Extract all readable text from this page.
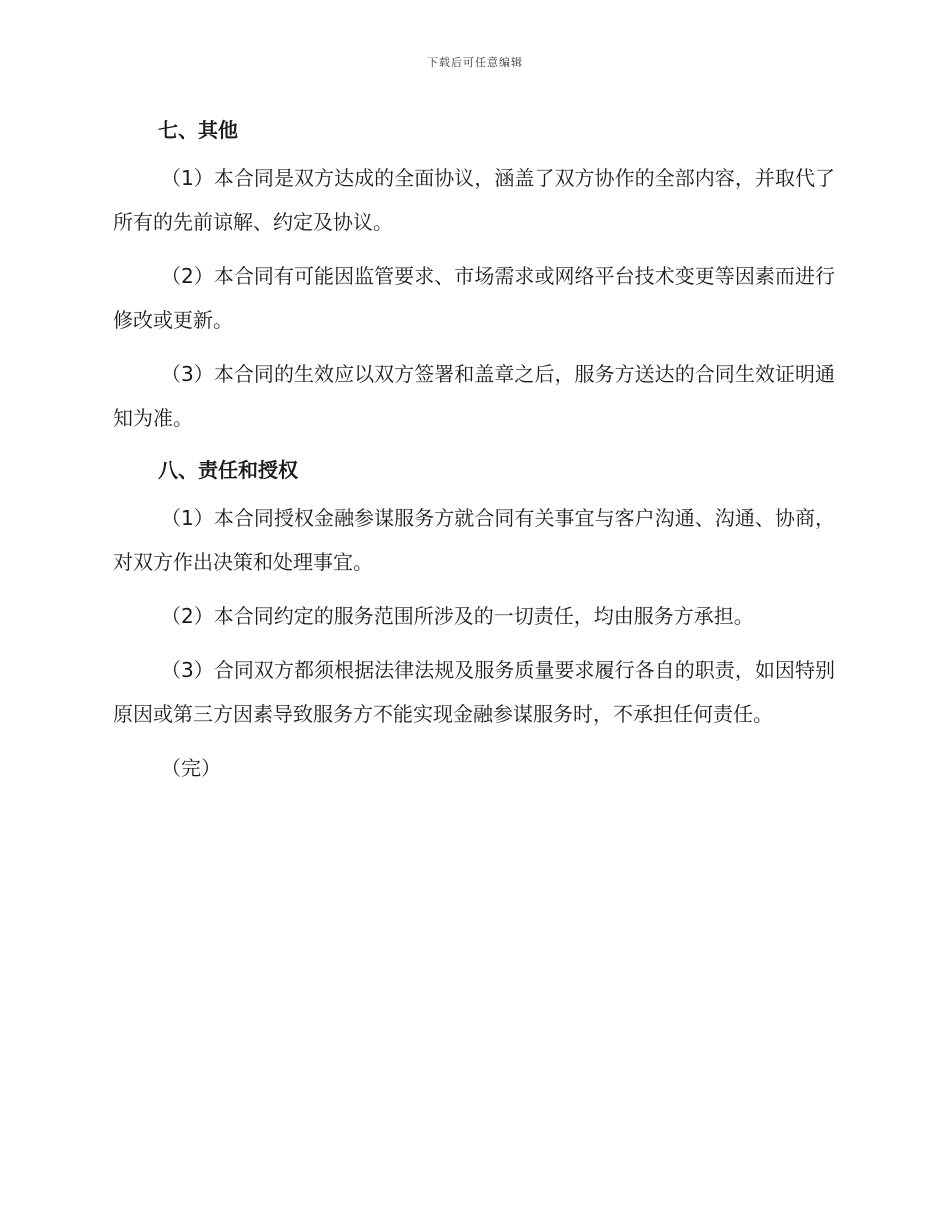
下载后可任意编辑
七、其他

（1）本合同是双方达成的全面协议，涵盖了双方协作的全部内容，并取代了所有的先前谅解、约定及协议。

（2）本合同有可能因监管要求、市场需求或网络平台技术变更等因素而进行修改或更新。

（3）本合同的生效应以双方签署和盖章之后，服务方送达的合同生效证明通知为准。

八、责任和授权

（1）本合同授权金融参谋服务方就合同有关事宜与客户沟通、沟通、协商，对双方作出决策和处理事宜。

（2）本合同约定的服务范围所涉及的一切责任，均由服务方承担。

（3）合同双方都须根据法律法规及服务质量要求履行各自的职责，如因特别原因或第三方因素导致服务方不能实现金融参谋服务时，不承担任何责任。

（完）
